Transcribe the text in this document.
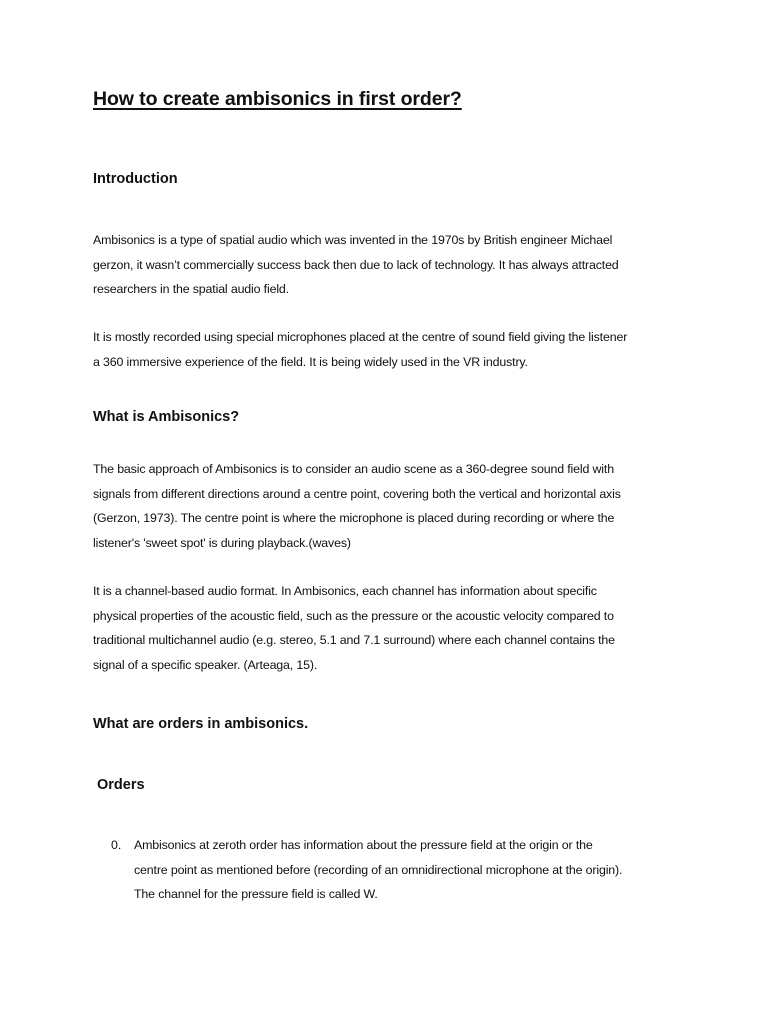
How to create ambisonics in first order?
Introduction

Ambisonics is a type of spatial audio which was invented in the 1970s by British engineer Michael
gerzon, it wasn’t commercially success back then due to lack of technology. It has always attracted
researchers in the spatial audio field.

It is mostly recorded using special microphones placed at the centre of sound field giving the listener
a 360 immersive experience of the field. It is being widely used in the VR industry.

What is Ambisonics?

The basic approach of Ambisonics is to consider an audio scene as a 360-degree sound field with
signals from different directions around a centre point, covering both the vertical and horizontal axis
(Gerzon, 1973). The centre point is where the microphone is placed during recording or where the
listener's 'sweet spot' is during playback.(waves)

It is a channel-based audio format. In Ambisonics, each channel has information about specific
physical properties of the acoustic field, such as the pressure or the acoustic velocity compared to
traditional multichannel audio (e.g. stereo, 5.1 and 7.1 surround) where each channel contains the
signal of a specific speaker. (Arteaga, 15).

What are orders in ambisonics.
Orders
0. Ambisonics at zeroth order has information about the pressure field at the origin or the
centre point as mentioned before (recording of an omnidirectional microphone at the origin).
The channel for the pressure field is called W.
